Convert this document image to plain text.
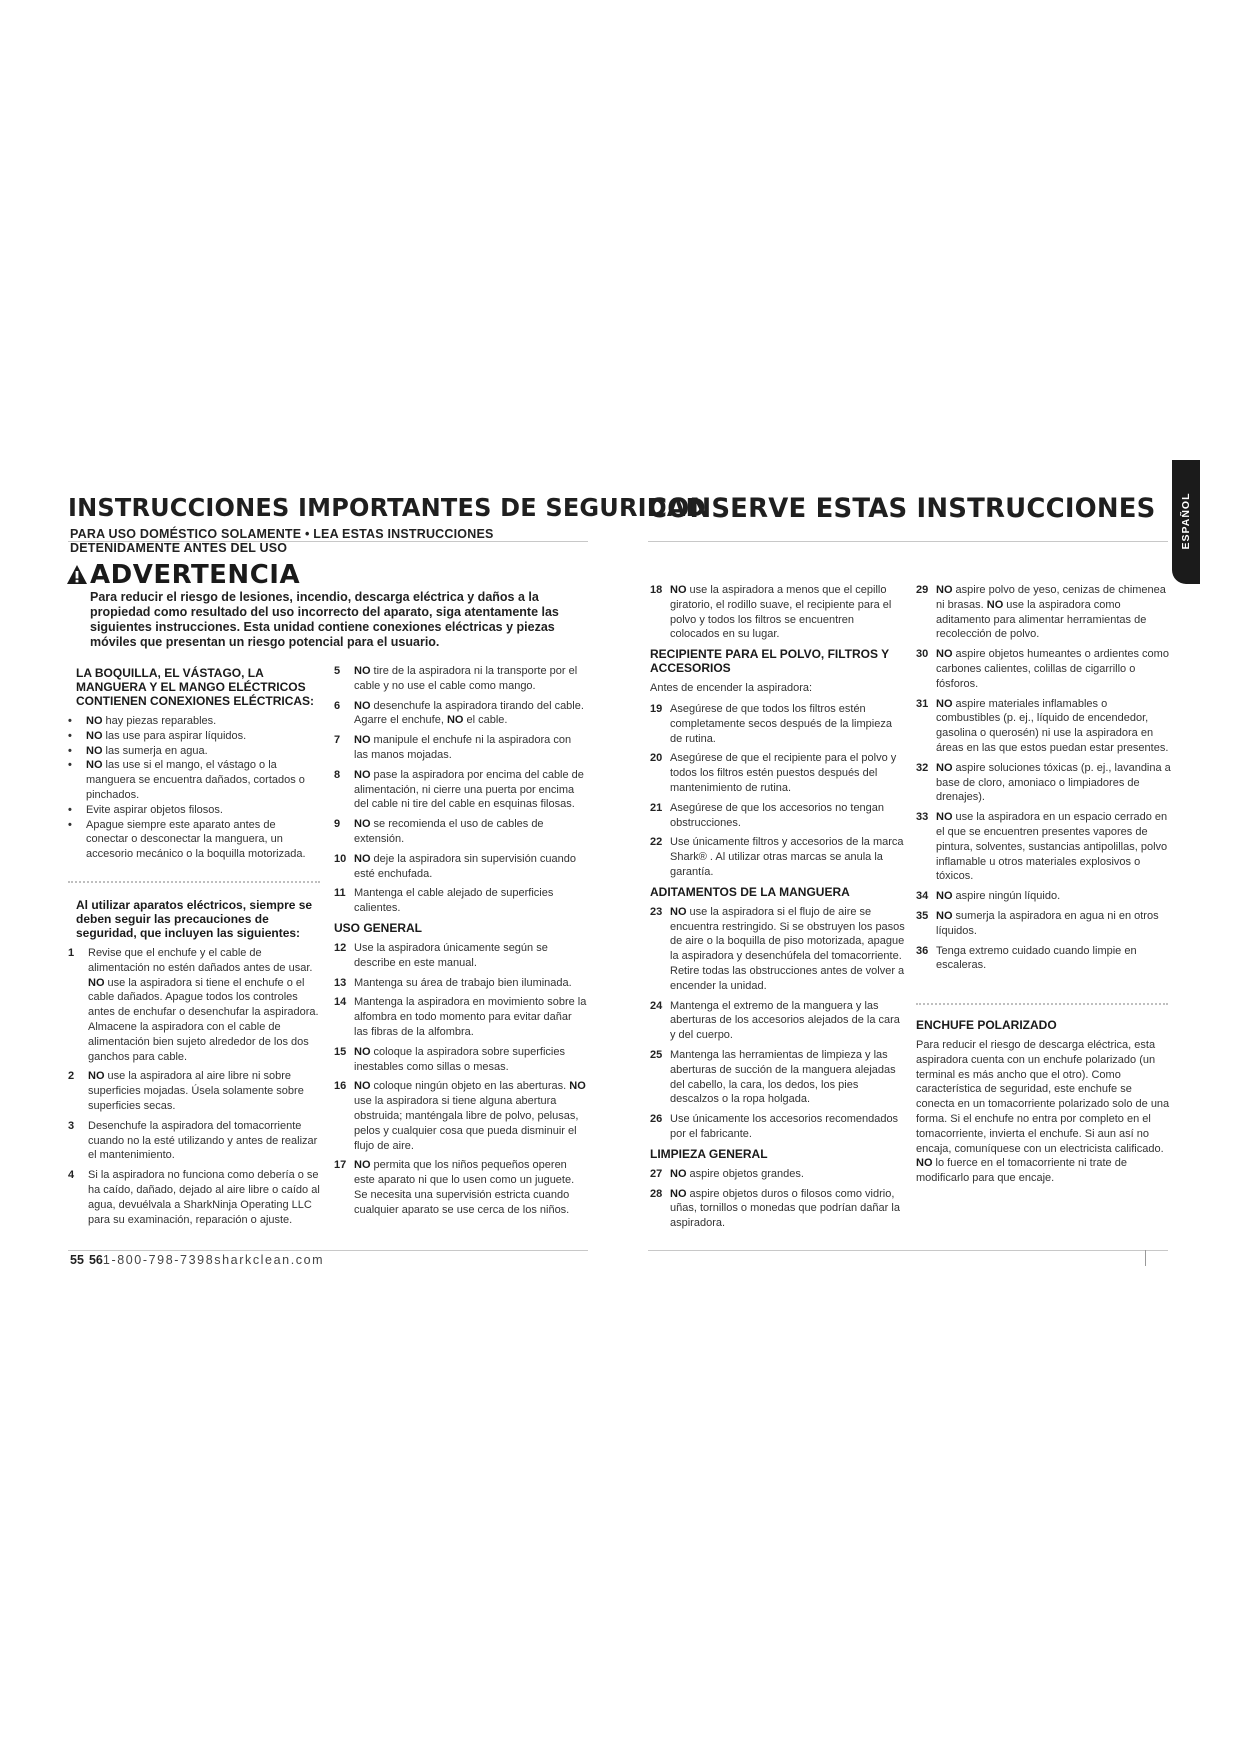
INSTRUCCIONES IMPORTANTES DE SEGURIDAD
PARA USO DOMÉSTICO SOLAMENTE • LEA ESTAS INSTRUCCIONES
DETENIDAMENTE ANTES DEL USO
CONSERVE ESTAS INSTRUCCIONES ESPAÑOL
ADVERTENCIA
Para reducir el riesgo de lesiones, incendio, descarga eléctrica y daños a la propiedad como resultado del uso incorrecto del aparato, siga atentamente las siguientes instrucciones. Esta unidad contiene conexiones eléctricas y piezas móviles que presentan un riesgo potencial para el usuario.
LA BOQUILLA, EL VÁSTAGO, LA MANGUERA Y EL MANGO ELÉCTRICOS CONTIENEN CONEXIONES ELÉCTRICAS:
• NO hay piezas reparables.
• NO las use para aspirar líquidos.
• NO las sumerja en agua.
• NO las use si el mango, el vástago o la manguera se encuentra dañados, cortados o pinchados.
• Evite aspirar objetos filosos.
• Apague siempre este aparato antes de conectar o desconectar la manguera, un accesorio mecánico o la boquilla motorizada.
Al utilizar aparatos eléctricos, siempre se deben seguir las precauciones de seguridad, que incluyen las siguientes:
1 Revise que el enchufe y el cable de alimentación no estén dañados antes de usar. NO use la aspiradora si tiene el enchufe o el cable dañados. Apague todos los controles antes de enchufar o desenchufar la aspiradora. Almacene la aspiradora con el cable de alimentación bien sujeto alrededor de los dos ganchos para cable.
2 NO use la aspiradora al aire libre ni sobre superficies mojadas. Úsela solamente sobre superficies secas.
3 Desenchufe la aspiradora del tomacorriente cuando no la esté utilizando y antes de realizar el mantenimiento.
4 Si la aspiradora no funciona como debería o se ha caído, dañado, dejado al aire libre o caído al agua, devuélvala a SharkNinja Operating LLC para su examinación, reparación o ajuste.
5 NO tire de la aspiradora ni la transporte por el cable y no use el cable como mango.
6 NO desenchufe la aspiradora tirando del cable. Agarre el enchufe, NO el cable.
7 NO manipule el enchufe ni la aspiradora con las manos mojadas.
8 NO pase la aspiradora por encima del cable de alimentación, ni cierre una puerta por encima del cable ni tire del cable en esquinas filosas.
9 NO se recomienda el uso de cables de extensión.
10 NO deje la aspiradora sin supervisión cuando esté enchufada.
11 Mantenga el cable alejado de superficies calientes.
USO GENERAL
12 Use la aspiradora únicamente según se describe en este manual.
13 Mantenga su área de trabajo bien iluminada.
14 Mantenga la aspiradora en movimiento sobre la alfombra en todo momento para evitar dañar las fibras de la alfombra.
15 NO coloque la aspiradora sobre superficies inestables como sillas o mesas.
16 NO coloque ningún objeto en las aberturas. NO use la aspiradora si tiene alguna abertura obstruida; manténgala libre de polvo, pelusas, pelos y cualquier cosa que pueda disminuir el flujo de aire.
17 NO permita que los niños pequeños operen este aparato ni que lo usen como un juguete. Se necesita una supervisión estricta cuando cualquier aparato se use cerca de los niños.
18 NO use la aspiradora a menos que el cepillo giratorio, el rodillo suave, el recipiente para el polvo y todos los filtros se encuentren colocados en su lugar.
RECIPIENTE PARA EL POLVO, FILTROS Y ACCESORIOS

Antes de encender la aspiradora:

19 Asegúrese de que todos los filtros estén completamente secos después de la limpieza de rutina.
20 Asegúrese de que el recipiente para el polvo y todos los filtros estén puestos después del mantenimiento de rutina.
21 Asegúrese de que los accesorios no tengan obstrucciones.
22 Use únicamente filtros y accesorios de la marca Shark® . Al utilizar otras marcas se anula la garantía.
ADITAMENTOS DE LA MANGUERA
23 NO use la aspiradora si el flujo de aire se encuentra restringido. Si se obstruyen los pasos de aire o la boquilla de piso motorizada, apague la aspiradora y desenchúfela del tomacorriente. Retire todas las obstrucciones antes de volver a encender la unidad.
24 Mantenga el extremo de la manguera y las aberturas de los accesorios alejados de la cara y del cuerpo.
25 Mantenga las herramientas de limpieza y las aberturas de succión de la manguera alejadas del cabello, la cara, los dedos, los pies descalzos o la ropa holgada.
26 Use únicamente los accesorios recomendados por el fabricante.
LIMPIEZA GENERAL
27 NO aspire objetos grandes.
28 NO aspire objetos duros o filosos como vidrio, uñas, tornillos o monedas que podrían dañar la aspiradora.
29 NO aspire polvo de yeso, cenizas de chimenea ni brasas. NO use la aspiradora como aditamento para alimentar herramientas de recolección de polvo.
30 NO aspire objetos humeantes o ardientes como carbones calientes, colillas de cigarrillo o fósforos.
31 NO aspire materiales inflamables o combustibles (p. ej., líquido de encendedor, gasolina o querosén) ni use la aspiradora en áreas en las que estos puedan estar presentes.
32 NO aspire soluciones tóxicas (p. ej., lavandina a base de cloro, amoniaco o limpiadores de drenajes).
33 NO use la aspiradora en un espacio cerrado en el que se encuentren presentes vapores de pintura, solventes, sustancias antipolillas, polvo inflamable u otros materiales explosivos o tóxicos.
34 NO aspire ningún líquido.
35 NO sumerja la aspiradora en agua ni en otros líquidos.
36 Tenga extremo cuidado cuando limpie en escaleras.
ENCHUFE POLARIZADO

Para reducir el riesgo de descarga eléctrica, esta aspiradora cuenta con un enchufe polarizado (un terminal es más ancho que el otro). Como característica de seguridad, este enchufe se conecta en un tomacorriente polarizado solo de una forma. Si el enchufe no entra por completo en el tomacorriente, invierta el enchufe. Si aun así no encaja, comuníquese con un electricista calificado. NO lo fuerce en el tomacorriente ni trate de modificarlo para que encaje.

55 561-800-798-7398sharkclean.com
